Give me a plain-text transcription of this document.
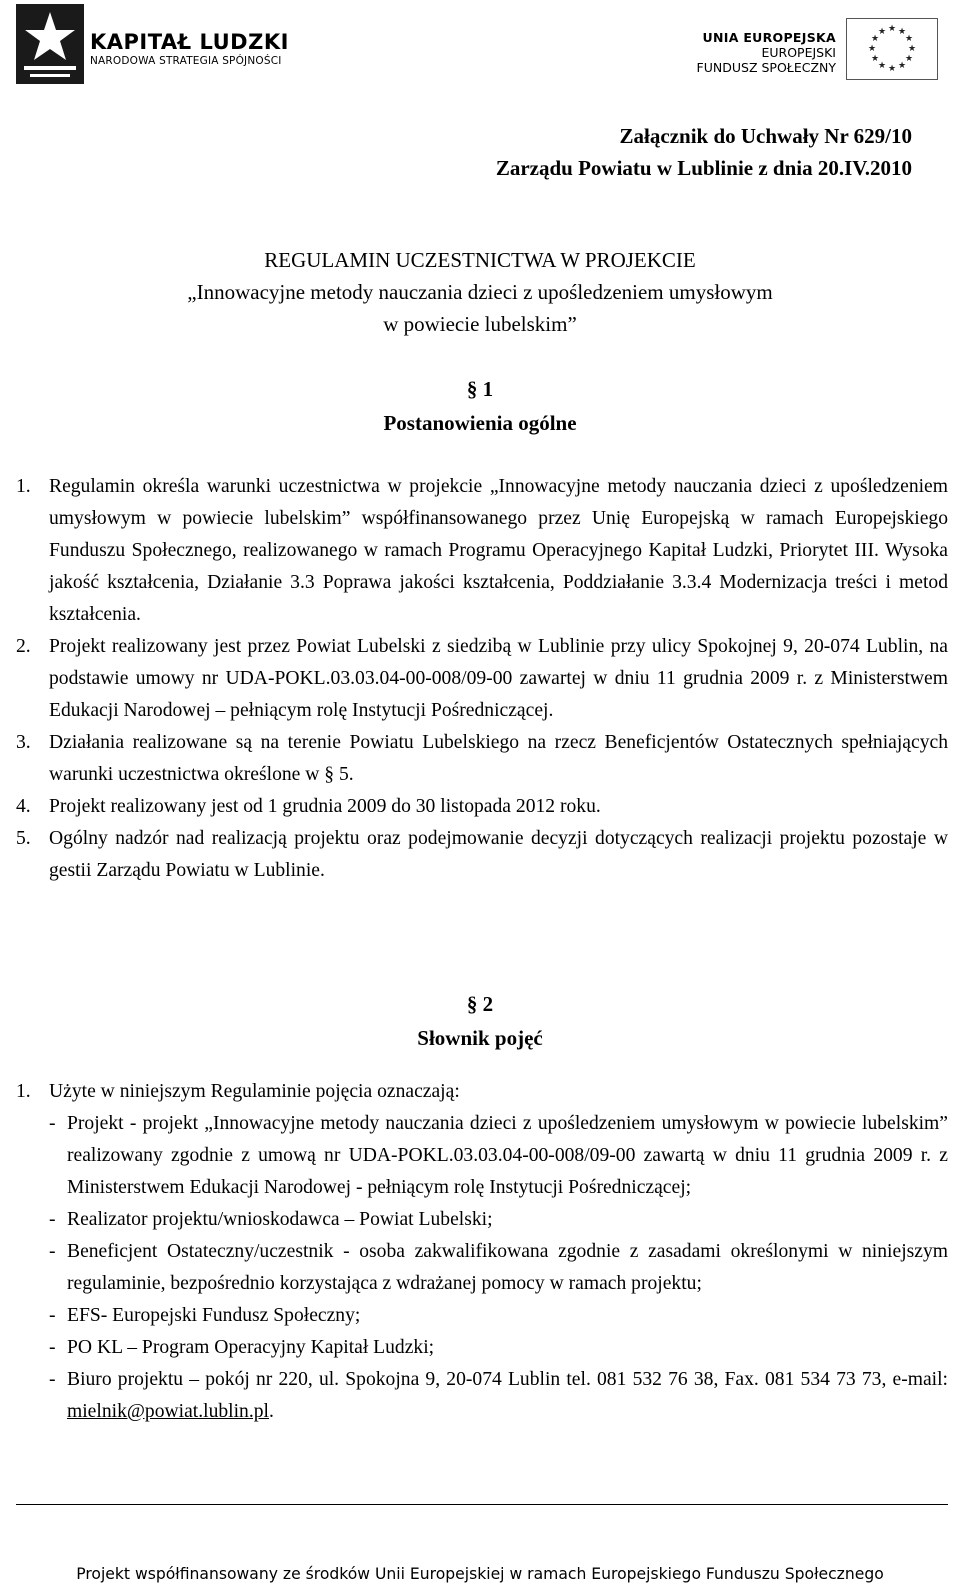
KAPITAŁ LUDZKI
NARODOWA STRATEGIA SPÓJNOŚCI
UNIA EUROPEJSKA
EUROPEJSKI
FUNDUSZ SPOŁECZNY
★ ★
★
★
★
★
★
★
★
★
★
★
Załącznik do Uchwały Nr 629/10
Zarządu Powiatu w Lublinie z dnia 20.IV.2010
REGULAMIN UCZESTNICTWA W PROJEKCIE
„Innowacyjne metody nauczania dzieci z upośledzeniem umysłowym
w powiecie lubelskim”
§ 1
Postanowienia ogólne
1. Regulamin określa warunki uczestnictwa w projekcie „Innowacyjne metody nauczania dzieci z upośledzeniem umysłowym w powiecie lubelskim” współfinansowanego przez Unię Europejską w ramach Europejskiego Funduszu Społecznego, realizowanego w ramach Programu Operacyjnego Kapitał Ludzki, Priorytet III. Wysoka jakość kształcenia, Działanie 3.3 Poprawa jakości kształcenia, Poddziałanie 3.3.4 Modernizacja treści i metod kształcenia.
2. Projekt realizowany jest przez Powiat Lubelski z siedzibą w Lublinie przy ulicy Spokojnej 9, 20-074 Lublin, na podstawie umowy nr UDA-POKL.03.03.04-00-008/09-00 zawartej w dniu 11 grudnia 2009 r. z Ministerstwem Edukacji Narodowej – pełniącym rolę Instytucji Pośredniczącej.
3. Działania realizowane są na terenie Powiatu Lubelskiego na rzecz Beneficjentów Ostatecznych spełniających warunki uczestnictwa określone w § 5.
4. Projekt realizowany jest od 1 grudnia 2009 do 30 listopada 2012 roku.
5. Ogólny nadzór nad realizacją projektu oraz podejmowanie decyzji dotyczących realizacji projektu pozostaje w gestii Zarządu Powiatu w Lublinie.
§ 2
Słownik pojęć
1. Użyte w niniejszym Regulaminie pojęcia oznaczają:
- Projekt - projekt „Innowacyjne metody nauczania dzieci z upośledzeniem umysłowym w powiecie lubelskim” realizowany zgodnie z umową nr UDA-POKL.03.03.04-00-008/09-00 zawartą w dniu 11 grudnia 2009 r. z Ministerstwem Edukacji Narodowej - pełniącym rolę Instytucji Pośredniczącej;
- Realizator projektu/wnioskodawca – Powiat Lubelski;
- Beneficjent Ostateczny/uczestnik - osoba zakwalifikowana zgodnie z zasadami określonymi w niniejszym regulaminie, bezpośrednio korzystająca z wdrażanej pomocy w ramach projektu;
- EFS- Europejski Fundusz Społeczny;
- PO KL – Program Operacyjny Kapitał Ludzki;
- Biuro projektu – pokój nr 220, ul. Spokojna 9, 20-074 Lublin tel. 081 532 76 38, Fax. 081 534 73 73, e-mail: mielnik@powiat.lublin.pl.
Projekt współfinansowany ze środków Unii Europejskiej w ramach Europejskiego Funduszu Społecznego
